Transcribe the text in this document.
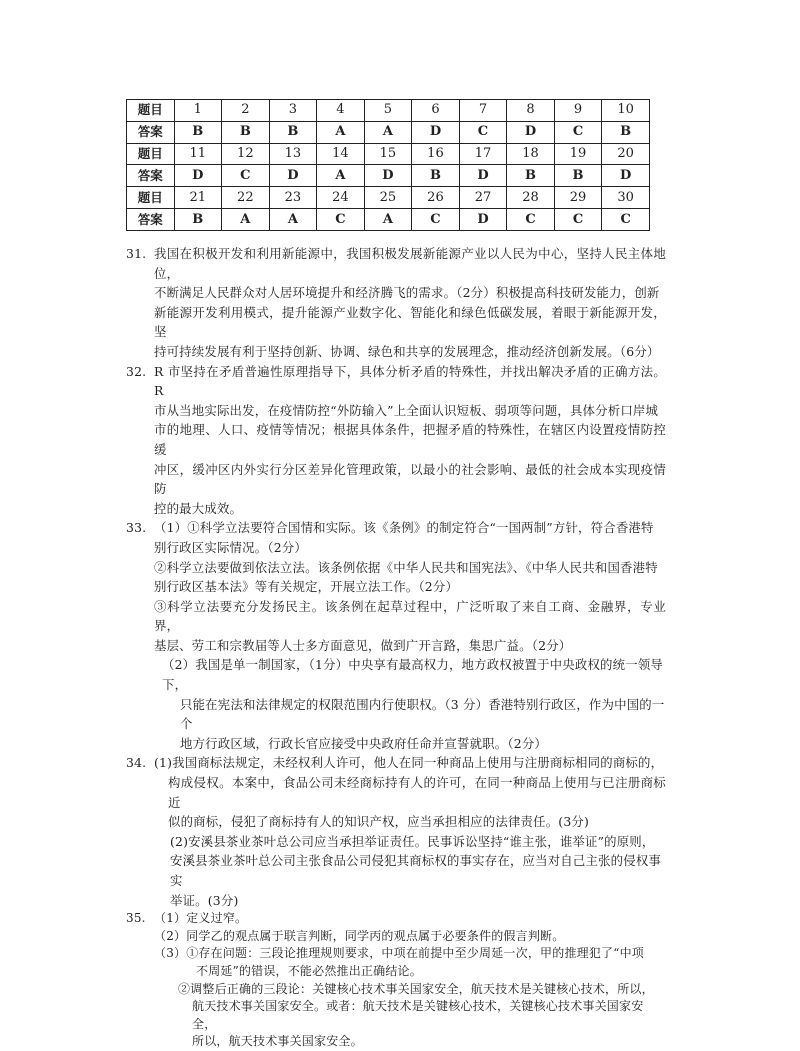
题目	1	2	3	4	5	6	7	8	9	10
答案	B	B	B	A	A	D	C	D	C	B
题目	11	12	13	14	15	16	17	18	19	20
答案	D	C	D	A	D	B	D	B	B	D
题目	21	22	23	24	25	26	27	28	29	30
答案	B	A	A	C	A	C	D	C	C	C
31. 我国在积极开发和利用新能源中，我国积极发展新能源产业以人民为中心，坚持人民主体地位，
不断满足人民群众对人居环境提升和经济腾飞的需求。（2分）积极提高科技研发能力，创新
新能源开发利用模式，提升能源产业数字化、智能化和绿色低碳发展，着眼于新能源开发，坚
持可持续发展有利于坚持创新、协调、绿色和共享的发展理念，推动经济创新发展。（6分）
32. R 市坚持在矛盾普遍性原理指导下，具体分析矛盾的特殊性，并找出解决矛盾的正确方法。R
市从当地实际出发，在疫情防控“外防输入”上全面认识短板、弱项等问题，具体分析口岸城
市的地理、人口、疫情等情况；根据具体条件，把握矛盾的特殊性，在辖区内设置疫情防控缓
冲区，缓冲区内外实行分区差异化管理政策，以最小的社会影响、最低的社会成本实现疫情防
控的最大成效。
33. （1）①科学立法要符合国情和实际。该《条例》的制定符合“一国两制”方针，符合香港特
别行政区实际情况。（2分）
②科学立法要做到依法立法。该条例依据《中华人民共和国宪法》、《中华人民共和国香港特
别行政区基本法》等有关规定，开展立法工作。（2分）
③科学立法要充分发扬民主。该条例在起草过程中，广泛听取了来自工商、金融界，专业界，
基层、劳工和宗教届等人士多方面意见，做到广开言路，集思广益。（2分）
（2）我国是单一制国家，（1分）中央享有最高权力，地方政权被置于中央政权的统一领导下，
只能在宪法和法律规定的权限范围内行使职权。（3 分）香港特别行政区，作为中国的一个
地方行政区域，行政长官应接受中央政府任命并宣誓就职。（2分）
34. (1)我国商标法规定，未经权利人许可，他人在同一种商品上使用与注册商标相同的商标的，
构成侵权。本案中，食品公司未经商标持有人的许可，在同一种商品上使用与已注册商标近
似的商标，侵犯了商标持有人的知识产权，应当承担相应的法律责任。(3分)
(2)安溪县茶业茶叶总公司应当承担举证责任。民事诉讼坚持“谁主张，谁举证”的原则，
安溪县茶业茶叶总公司主张食品公司侵犯其商标权的事实存在，应当对自己主张的侵权事实
举证。(3分)
35. （1）定义过窄。
（2）同学乙的观点属于联言判断，同学丙的观点属于必要条件的假言判断。
（3）①存在问题：三段论推理规则要求，中项在前提中至少周延一次，甲的推理犯了“中项
不周延”的错误，不能必然推出正确结论。
②调整后正确的三段论：关键核心技术事关国家安全，航天技术是关键核心技术，所以，
航天技术事关国家安全。或者：航天技术是关键核心技术，关键核心技术事关国家安全，
所以，航天技术事关国家安全。
